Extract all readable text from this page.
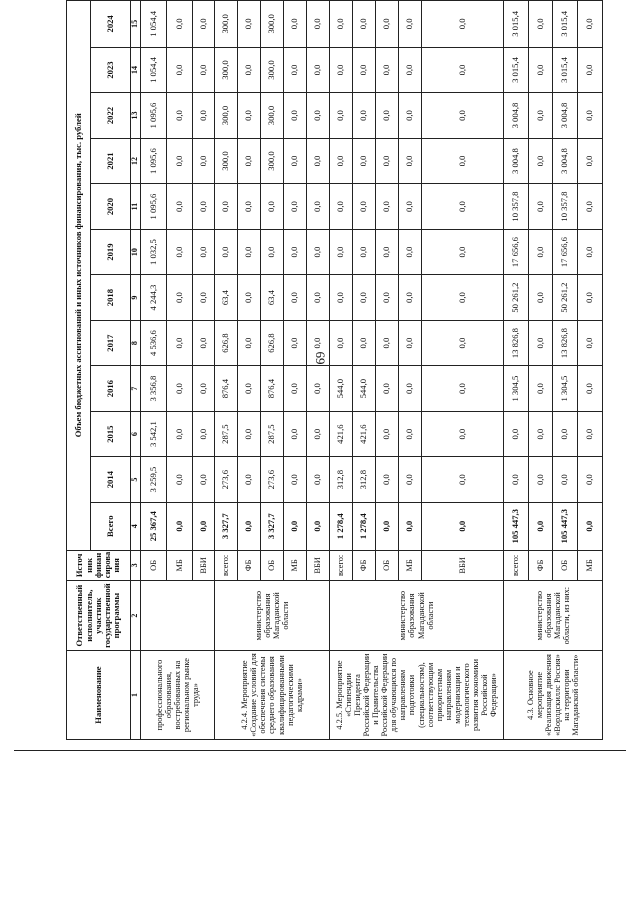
69
Наименование	Ответственный исполнитель, участник государственной программы	Источ ник финан сирова ния	Объем бюджетных ассигнований и иных источников финансирования, тыс. рублей											
			Всего	2014	2015	2016	2017	2018	2019	2020	2021	2022	2023	2024
1	2	3	4	5	6	7	8	9	10	11	12	13	14	15
профессионального образования, востребованных на региональном рынке труда»		ОБ	25 367,4	3 259,5	3 542,1	3 356,8	4 536,6	4 244,3	1 032,5	1 095,6	1 095,6	1 095,6	1 054,4	1 054,4
		МБ	0,0	0,0	0,0	0,0	0,0	0,0	0,0	0,0	0,0	0,0	0,0	0,0
		ВБИ	0,0	0,0	0,0	0,0	0,0	0,0	0,0	0,0	0,0	0,0	0,0	0,0
4.2.4. Мероприятие «Создание условий для обеспечения системы среднего образования квалифицированными педагогическими кадрами»	министерство образования Магаданской области	всего:	3 327,7	273,6	287,5	876,4	626,8	63,4	0,0	0,0	300,0	300,0	300,0	300,0
		ФБ	0,0	0,0	0,0	0,0	0,0	0,0	0,0	0,0	0,0	0,0	0,0	0,0
		ОБ	3 327,7	273,6	287,5	876,4	626,8	63,4	0,0	0,0	300,0	300,0	300,0	300,0
		МБ	0,0	0,0	0,0	0,0	0,0	0,0	0,0	0,0	0,0	0,0	0,0	0,0
		ВБИ	0,0	0,0	0,0	0,0	0,0	0,0	0,0	0,0	0,0	0,0	0,0	0,0
4.2.5. Мероприятие «Стипендии Президента Российской Федерации и Правительства Российской Федерации для обучающихся по направлениям подготовки (специальностям), соответствующим приоритетным направлениям модернизации и технологического развития экономики Российской Федерации»	министерство образования Магаданской области	всего:	1 278,4	312,8	421,6	544,0	0,0	0,0	0,0	0,0	0,0	0,0	0,0	0,0
		ФБ	1 278,4	312,8	421,6	544,0	0,0	0,0	0,0	0,0	0,0	0,0	0,0	0,0
		ОБ	0,0	0,0	0,0	0,0	0,0	0,0	0,0	0,0	0,0	0,0	0,0	0,0
		МБ	0,0	0,0	0,0	0,0	0,0	0,0	0,0	0,0	0,0	0,0	0,0	0,0
		ВБИ	0,0	0,0	0,0	0,0	0,0	0,0	0,0	0,0	0,0	0,0	0,0	0,0
4.3. Основное мероприятие «Реализация движения «Ворлдскиллс Россия» на территории Магаданской области»	министерство образования Магаданской области, из них:	всего:	105 447,3	0,0	0,0	1 304,5	13 826,8	50 261,2	17 656,6	10 357,8	3 004,8	3 004,8	3 015,4	3 015,4
		ФБ	0,0	0,0	0,0	0,0	0,0	0,0	0,0	0,0	0,0	0,0	0,0	0,0
		ОБ	105 447,3	0,0	0,0	1 304,5	13 826,8	50 261,2	17 656,6	10 357,8	3 004,8	3 004,8	3 015,4	3 015,4
		МБ	0,0	0,0	0,0	0,0	0,0	0,0	0,0	0,0	0,0	0,0	0,0	0,0
